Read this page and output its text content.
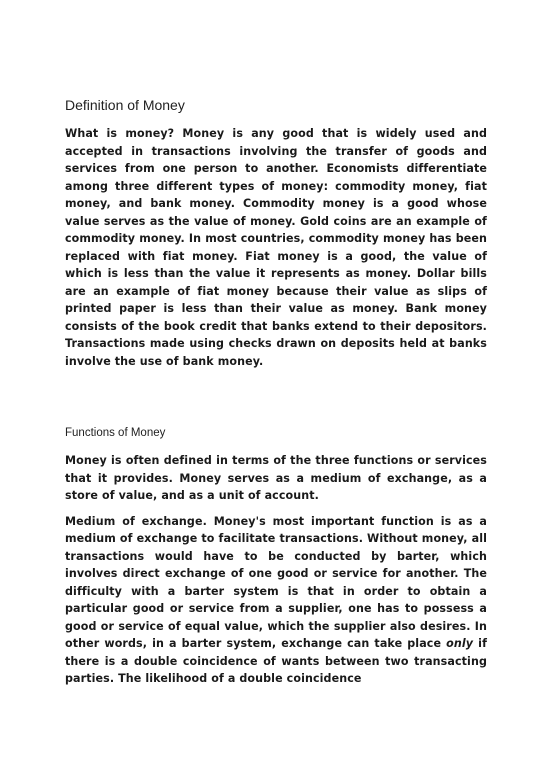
Definition of Money

What is money? Money is any good that is widely used and accepted in transactions involving the transfer of goods and services from one person to another. Economists differentiate among three different types of money: commodity money, fiat money, and bank money. Commodity money is a good whose value serves as the value of money. Gold coins are an example of commodity money. In most countries, commodity money has been replaced with fiat money. Fiat money is a good, the value of which is less than the value it represents as money. Dollar bills are an example of fiat money because their value as slips of printed paper is less than their value as money. Bank money consists of the book credit that banks extend to their depositors. Transactions made using checks drawn on deposits held at banks involve the use of bank money.

Functions of Money

Money is often defined in terms of the three functions or services that it provides. Money serves as a medium of exchange, as a store of value, and as a unit of account.

Medium of exchange. Money's most important function is as a medium of exchange to facilitate transactions. Without money, all transactions would have to be conducted by barter, which involves direct exchange of one good or service for another. The difficulty with a barter system is that in order to obtain a particular good or service from a supplier, one has to possess a good or service of equal value, which the supplier also desires. In other words, in a barter system, exchange can take place only if there is a double coincidence of wants between two transacting parties. The likelihood of a double coincidence
